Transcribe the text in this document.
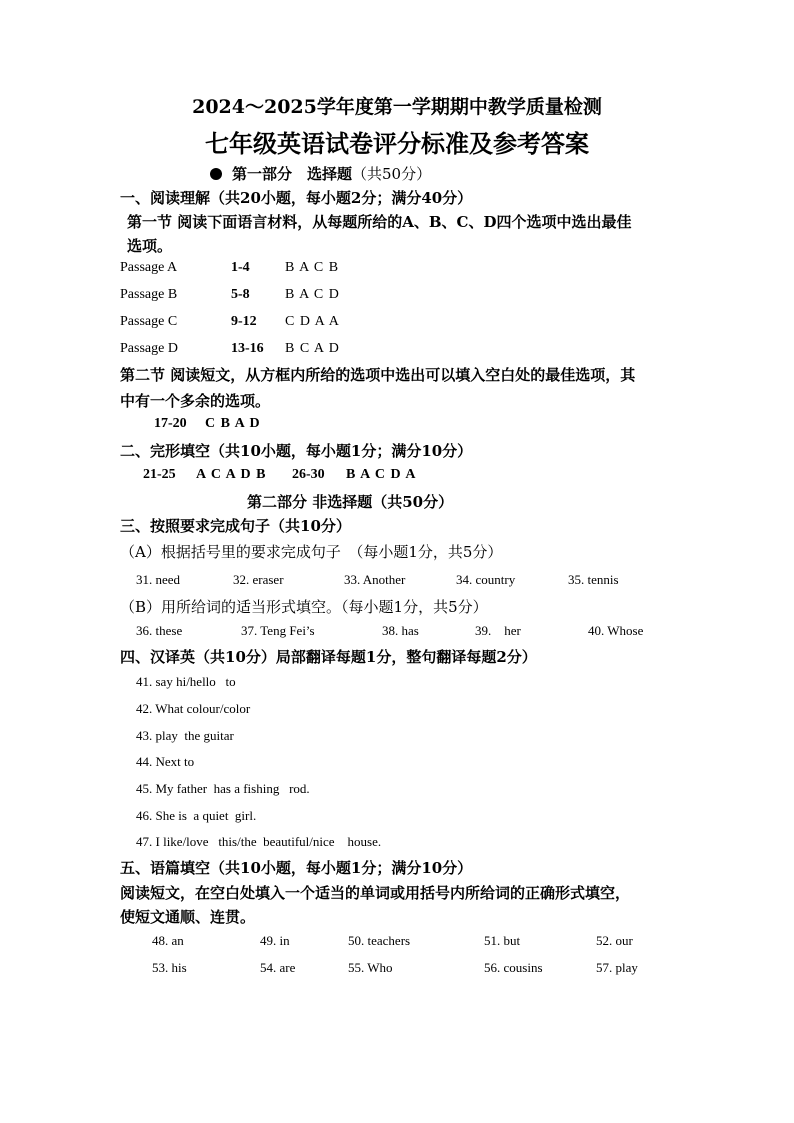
2024～2025学年度第一学期期中教学质量检测
七年级英语试卷评分标准及参考答案
第一部分　选择题（共50分）
一、阅读理解（共20小题，每小题2分；满分40分）
第一节 阅读下面语言材料，从每题所给的A、B、C、D四个选项中选出最佳
选项。
Passage A	1-4	B A C B
Passage B	5-8	B A C D
Passage C	9-12 C D A A
Passage D	13-16 B C A D
第二节 阅读短文，从方框内所给的选项中选出可以填入空白处的最佳选项，其
中有一个多余的选项。
17-20 C B A D
二、完形填空（共10小题，每小题1分；满分10分）
21-25 A C A D B 26-30 B A C D A
第二部分 非选择题（共50分）
三、按照要求完成句子（共10分）
（A）根据括号里的要求完成句子　（每小题1分，共5分）
31. need	32. eraser	33. Another	34. country	35. tennis
（B）用所给词的适当形式填空。（每小题1分，共5分）
36. these	37. Teng Fei’s	38. has	39.    her	40. Whose
四、汉译英（共10分）局部翻译每题1分，整句翻译每题2分）
41. say hi/hello   to
42. What colour/color
43. play  the guitar
44. Next to
45. My father  has a fishing   rod.
46. She is  a quiet  girl.
47. I like/love   this/the  beautiful/nice    house.
五、语篇填空（共10小题，每小题1分；满分10分）
阅读短文，在空白处填入一个适当的单词或用括号内所给词的正确形式填空，
使短文通顺、连贯。
48. an	49. in	50. teachers	51. but	52. our
53. his	54. are	55. Who	56. cousins	57. play
